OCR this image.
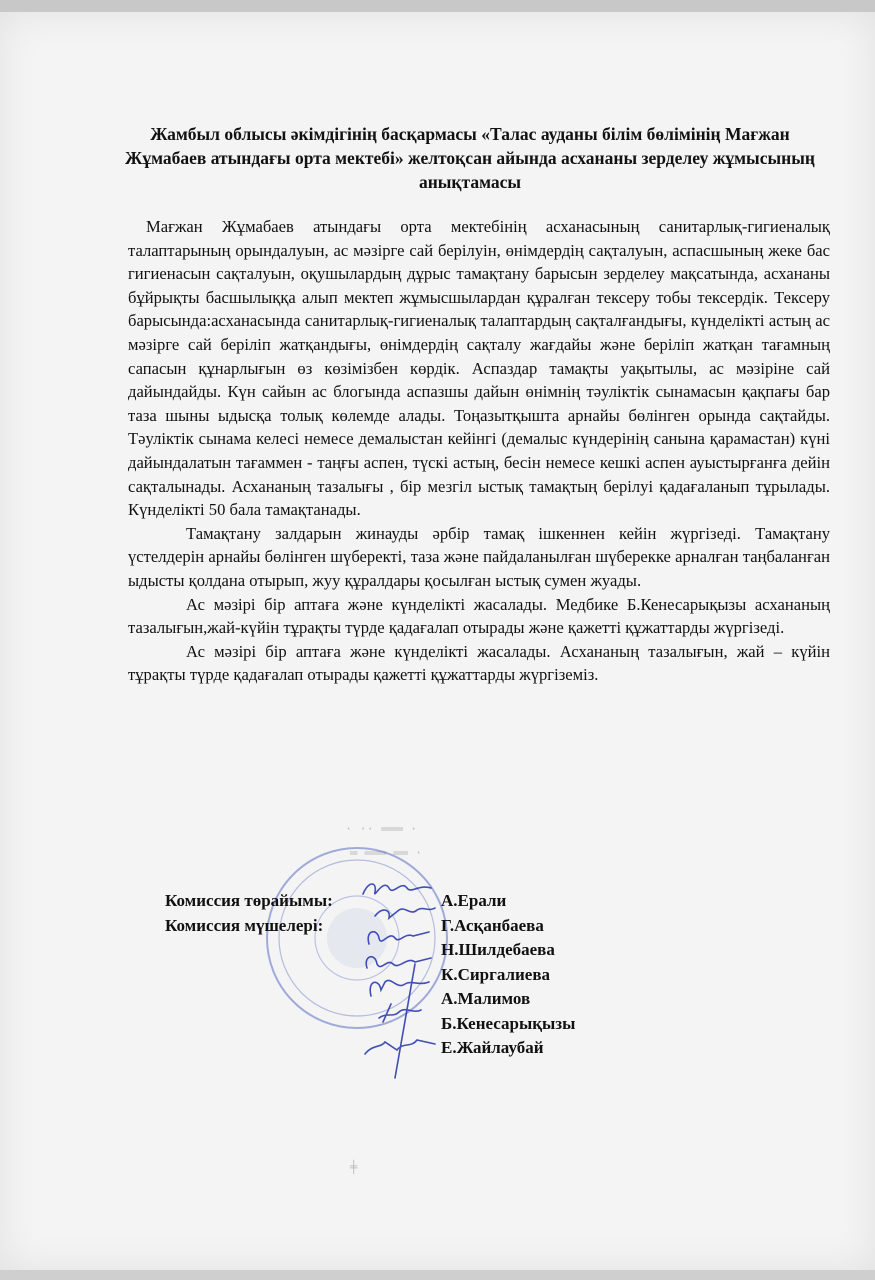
Жамбыл облысы әкімдігінің басқармасы «Талас ауданы білім бөлімінің Мағжан Жұмабаев атындағы орта мектебі» желтоқсан айында асхананы зерделеу жұмысының анықтамасы

Мағжан Жұмабаев атындағы орта мектебінің асханасының санитарлық-гигиеналық талаптарының орындалуын, ас мәзірге сай берілуін, өнімдердің сақталуын, аспасшының жеке бас гигиенасын сақталуын, оқушылардың дұрыс тамақтану барысын зерделеу мақсатында, асхананы бұйрықты басшылыққа алып мектеп жұмысшылардан құралған тексеру тобы тексердік. Тексеру барысында:асханасында санитарлық-гигиеналық талаптардың сақталғандығы, күнделікті астың ас мәзірге сай беріліп жатқандығы, өнімдердің сақталу жағдайы және беріліп жатқан тағамның сапасын құнарлығын өз көзімізбен көрдік. Аспаздар тамақты уақытылы, ас мәзіріне сай дайындайды. Күн сайын ас блогында аспазшы дайын өнімнің тәуліктік сынамасын қақпағы бар таза шыны ыдысқа толық көлемде алады. Тоңазытқышта арнайы бөлінген орында сақтайды. Тәуліктік сынама келесі немесе демалыстан кейінгі (демалыс күндерінің санына қарамастан) күні дайындалатын тағаммен - таңғы аспен, түскі астың, бесін немесе кешкі аспен ауыстырғанға дейін сақталынады. Асхананың тазалығы , бір мезгіл ыстық тамақтың берілуі қадағаланып тұрылады. Күнделікті 50 бала тамақтанады.

Тамақтану залдарын жинауды әрбір тамақ ішкеннен кейін жүргізеді. Тамақтану үстелдерін арнайы бөлінген шүберекті, таза және пайдаланылған шүберекке арналған таңбаланған ыдысты қолдана отырып, жуу құралдары қосылған ыстық сумен жуады.

Ас мәзірі бір аптаға және күнделікті жасалады. Медбике Б.Кенесарықызы асхананың тазалығын,жай-күйін тұрақты түрде қадағалап отырады және қажетті құжаттарды жүргізеді.

Ас мәзірі бір аптаға және күнделікті жасалады. Асхананың тазалығын, жай – күйін тұрақты түрде қадағалап отырады қажетті құжаттарды жүргіземіз.

· ·· ═══ ·
═ ═══ ══ ·
╪
Комиссия төрайымы:	А.Ерали
Комиссия мүшелері:	Г.Асқанбаева
Н.Шилдебаева
К.Сиргалиева
А.Малимов
Б.Кенесарықызы
Е.Жайлаубай
